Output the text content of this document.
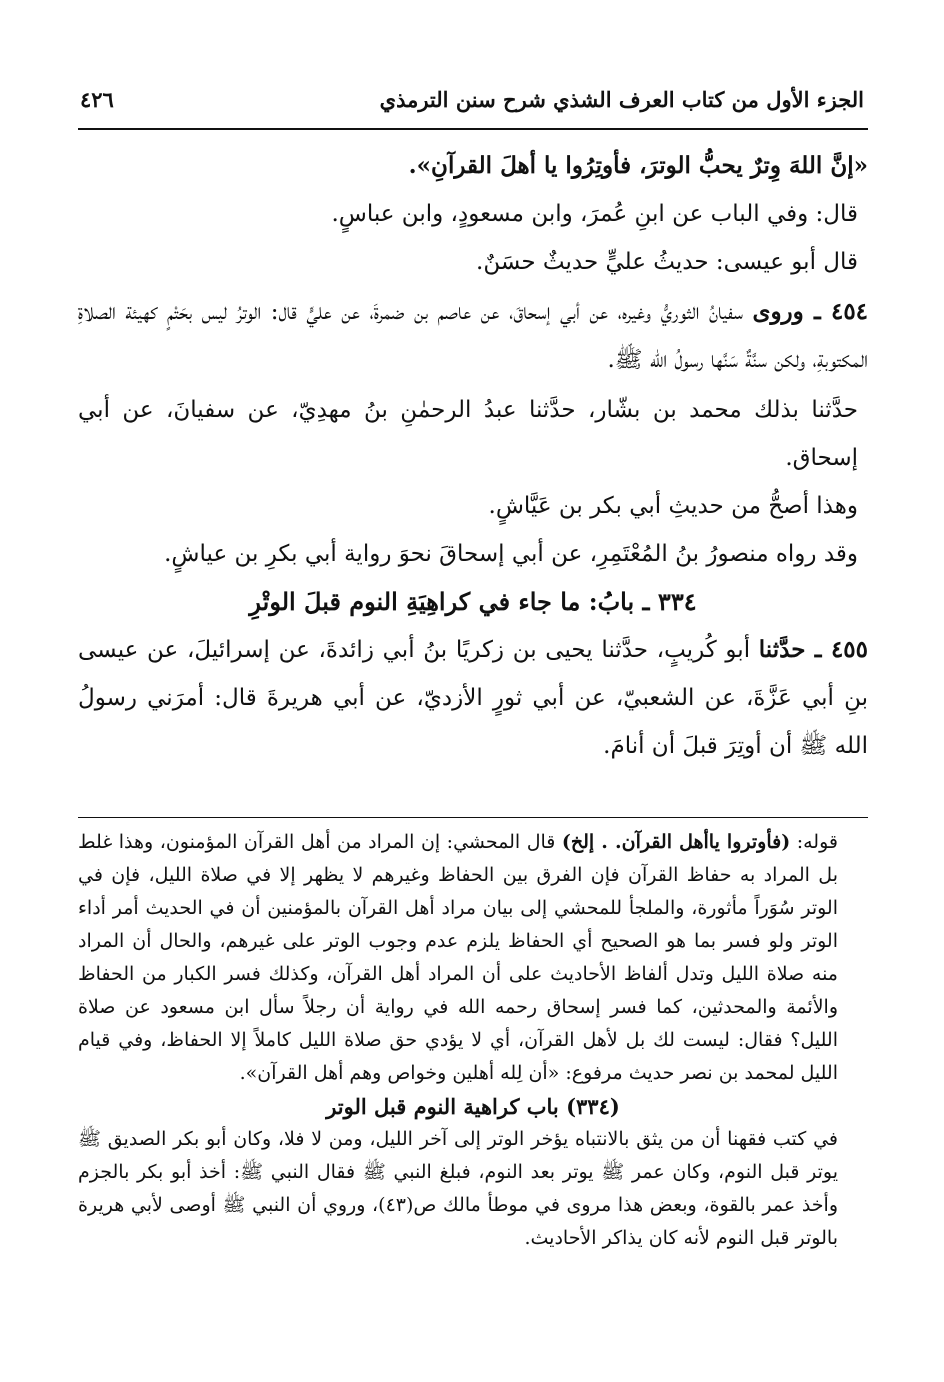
الجزء الأول من كتاب العرف الشذي شرح سنن الترمذي
٤٢٦

«إنَّ اللهَ وِترٌ يحبُّ الوترَ، فأوتِرُوا يا أهلَ القرآنِ».

قال: وفي الباب عن ابنِ عُمرَ، وابن مسعودٍ، وابن عباسٍ.

قال أبو عيسى: حديثُ عليٍّ حديثٌ حسَنٌ.

٤٥٤ ـ وروى سفيانُ الثوريُّ وغيره، عن أبي إسحاقَ، عن عاصم بن ضمرةَ، عن عليٍّ قال: الوترُ ليس بحَتْمٍ كهيئة الصلاةِ المكتوبةِ، ولكن سنَّةٌ سَنَّها رسولُ الله ﷺ.

حدَّثنا بذلك محمد بن بشّار، حدَّثنا عبدُ الرحمٰنِ بنُ مهدِيّ، عن سفيانَ، عن أبي إسحاق.

وهذا أصحُّ من حديثِ أبي بكر بن عَيَّاشٍ.

وقد رواه منصورُ بنُ المُعْتَمِرِ، عن أبي إسحاقَ نحوَ رواية أبي بكرِ بن عياشٍ.

٣٣٤ ـ بابُ: ما جاء في كراهِيَةِ النوم قبلَ الوتْرِ

٤٥٥ ـ حدَّثنا أبو كُريبٍ، حدَّثنا يحيى بن زكريًا بنُ أبي زائدةَ، عن إسرائيلَ، عن عيسى بنِ أبي عَزَّةَ، عن الشعبيّ، عن أبي ثورٍ الأزديّ، عن أبي هريرةَ قال: أمرَني رسولُ الله ﷺ أن أوتِرَ قبلَ أن أنامَ.

قوله: (فأوتروا ياأهل القرآن. . إلخ) قال المحشي: إن المراد من أهل القرآن المؤمنون، وهذا غلط بل المراد به حفاظ القرآن فإن الفرق بين الحفاظ وغيرهم لا يظهر إلا في صلاة الليل، فإن في الوتر سُوَراً مأثورة، والملجأ للمحشي إلى بيان مراد أهل القرآن بالمؤمنين أن في الحديث أمر أداء الوتر ولو فسر بما هو الصحيح أي الحفاظ يلزم عدم وجوب الوتر على غيرهم، والحال أن المراد منه صلاة الليل وتدل ألفاظ الأحاديث على أن المراد أهل القرآن، وكذلك فسر الكبار من الحفاظ والأئمة والمحدثين، كما فسر إسحاق رحمه الله في رواية أن رجلاً سأل ابن مسعود عن صلاة الليل؟ فقال: ليست لك بل لأهل القرآن، أي لا يؤدي حق صلاة الليل كاملاً إلا الحفاظ، وفي قيام الليل لمحمد بن نصر حديث مرفوع: «أن لِله أهلين وخواص وهم أهل القرآن».

(٣٣٤) باب كراهية النوم قبل الوتر

في كتب فقهنا أن من يثق بالانتباه يؤخر الوتر إلى آخر الليل، ومن لا فلا، وكان أبو بكر الصديق ﷺ يوتر قبل النوم، وكان عمر ﷺ يوتر بعد النوم، فبلغ النبي ﷺ فقال النبي ﷺ: أخذ أبو بكر بالجزم وأخذ عمر بالقوة، وبعض هذا مروى في موطأ مالك ص(٤٣)، وروي أن النبي ﷺ أوصى لأبي هريرة بالوتر قبل النوم لأنه كان يذاكر الأحاديث.
